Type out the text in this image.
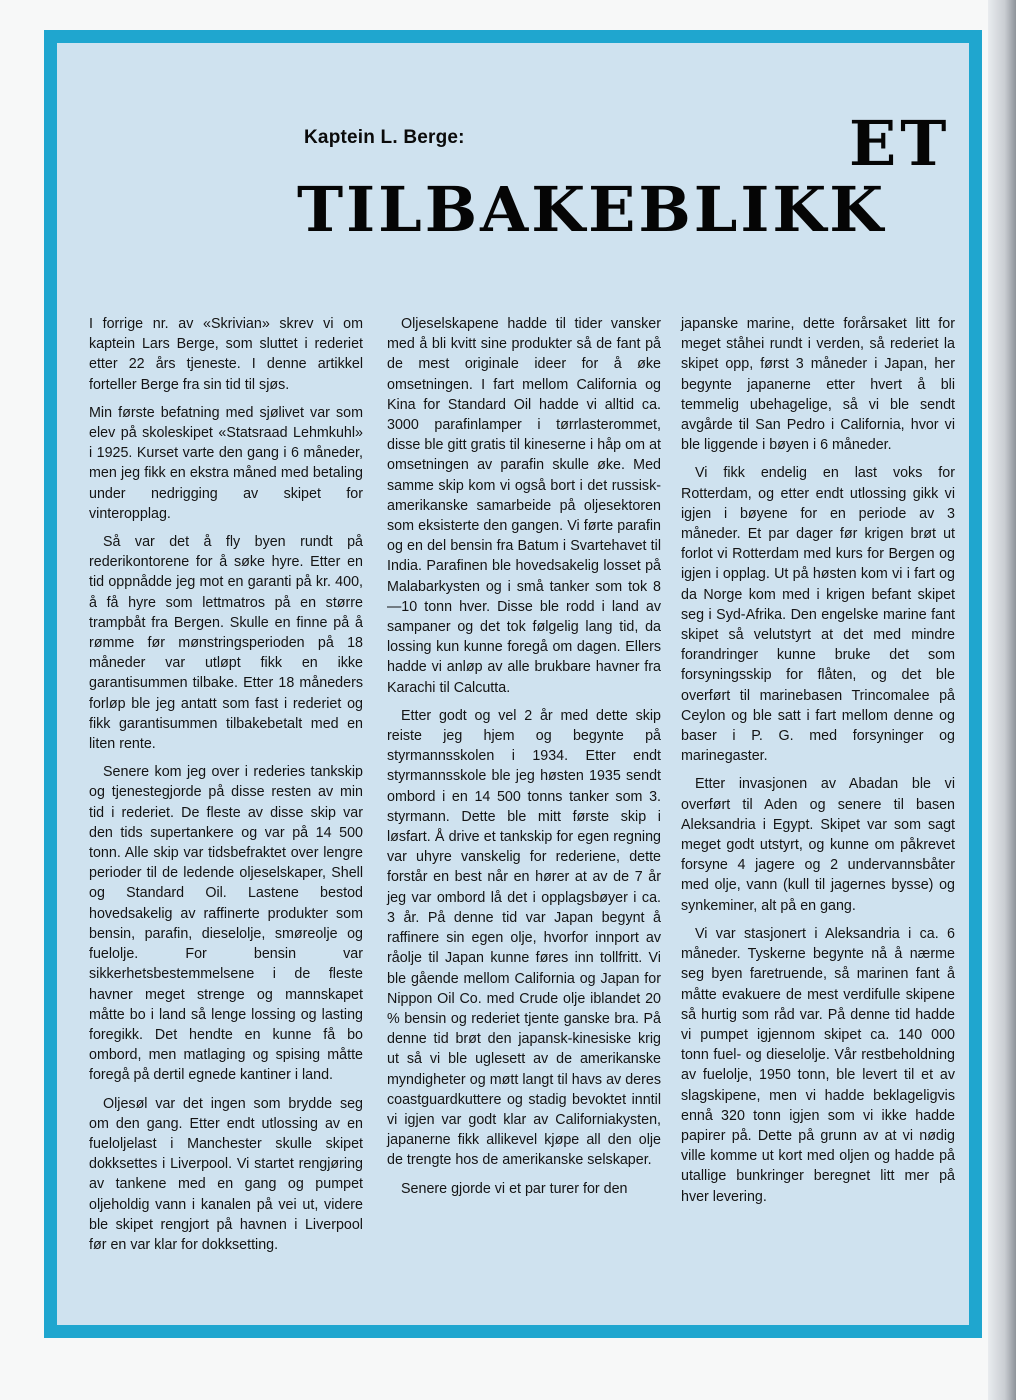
Kaptein L. Berge:	ET
TILBAKEBLIKK

I forrige nr. av «Skrivian» skrev vi om kaptein Lars Berge, som sluttet i rederiet etter 22 års tjeneste. I denne artikkel forteller Berge fra sin tid til sjøs.

Min første befatning med sjølivet var som elev på skoleskipet «Statsraad Lehmkuhl» i 1925. Kurset varte den gang i 6 måneder, men jeg fikk en ekstra måned med betaling under nedrigging av skipet for vinteropplag.

Så var det å fly byen rundt på rederikontorene for å søke hyre. Etter en tid oppnådde jeg mot en garanti på kr. 400, å få hyre som lettmatros på en større trampbåt fra Bergen. Skulle en finne på å rømme før mønstringsperioden på 18 måneder var utløpt fikk en ikke garantisummen tilbake. Etter 18 måneders forløp ble jeg antatt som fast i rederiet og fikk garantisummen tilbakebetalt med en liten rente.

Senere kom jeg over i rederies tankskip og tjenestegjorde på disse resten av min tid i rederiet. De fleste av disse skip var den tids supertankere og var på 14 500 tonn. Alle skip var tidsbefraktet over lengre perioder til de ledende oljeselskaper, Shell og Standard Oil. Lastene bestod hovedsakelig av raffinerte produkter som bensin, parafin, dieselolje, smøreolje og fuelolje. For bensin var sikkerhetsbestemmelsene i de fleste havner meget strenge og mannskapet måtte bo i land så lenge lossing og lasting foregikk. Det hendte en kunne få bo ombord, men matlaging og spising måtte foregå på dertil egnede kantiner i land.

Oljesøl var det ingen som brydde seg om den gang. Etter endt utlossing av en fueloljelast i Manchester skulle skipet dokksettes i Liverpool. Vi startet rengjøring av tankene med en gang og pumpet oljeholdig vann i kanalen på vei ut, videre ble skipet rengjort på havnen i Liverpool før en var klar for dokksetting.

Oljeselskapene hadde til tider vansker med å bli kvitt sine produkter så de fant på de mest originale ideer for å øke omsetningen. I fart mellom California og Kina for Standard Oil hadde vi alltid ca. 3000 parafinlamper i tørrlasterommet, disse ble gitt gratis til kineserne i håp om at omsetningen av parafin skulle øke. Med samme skip kom vi også bort i det russisk-amerikanske samarbeide på oljesektoren som eksisterte den gangen. Vi førte parafin og en del bensin fra Batum i Svartehavet til India. Parafinen ble hovedsakelig losset på Malabarkysten og i små tanker som tok 8—10 tonn hver. Disse ble rodd i land av sampaner og det tok følgelig lang tid, da lossing kun kunne foregå om dagen. Ellers hadde vi anløp av alle brukbare havner fra Karachi til Calcutta.

Etter godt og vel 2 år med dette skip reiste jeg hjem og begynte på styrmannsskolen i 1934. Etter endt styrmannsskole ble jeg høsten 1935 sendt ombord i en 14 500 tonns tanker som 3. styrmann. Dette ble mitt første skip i løsfart. Å drive et tankskip for egen regning var uhyre vanskelig for rederiene, dette forstår en best når en hører at av de 7 år jeg var ombord lå det i opplagsbøyer i ca. 3 år. På denne tid var Japan begynt å raffinere sin egen olje, hvorfor innport av råolje til Japan kunne føres inn tollfritt. Vi ble gående mellom California og Japan for Nippon Oil Co. med Crude olje iblandet 20 % bensin og rederiet tjente ganske bra. På denne tid brøt den japansk-kinesiske krig ut så vi ble uglesett av de amerikanske myndigheter og møtt langt til havs av deres coastguardkuttere og stadig bevoktet inntil vi igjen var godt klar av Californiakysten, japanerne fikk allikevel kjøpe all den olje de trengte hos de amerikanske selskaper.

Senere gjorde vi et par turer for den

japanske marine, dette forårsaket litt for meget ståhei rundt i verden, så rederiet la skipet opp, først 3 måneder i Japan, her begynte japanerne etter hvert å bli temmelig ubehagelige, så vi ble sendt avgårde til San Pedro i California, hvor vi ble liggende i bøyen i 6 måneder.

Vi fikk endelig en last voks for Rotterdam, og etter endt utlossing gikk vi igjen i bøyene for en periode av 3 måneder. Et par dager før krigen brøt ut forlot vi Rotterdam med kurs for Bergen og igjen i opplag. Ut på høsten kom vi i fart og da Norge kom med i krigen befant skipet seg i Syd-Afrika. Den engelske marine fant skipet så velutstyrt at det med mindre forandringer kunne bruke det som forsyningsskip for flåten, og det ble overført til marinebasen Trincomalee på Ceylon og ble satt i fart mellom denne og baser i P. G. med forsyninger og marinegaster.

Etter invasjonen av Abadan ble vi overført til Aden og senere til basen Aleksandria i Egypt. Skipet var som sagt meget godt utstyrt, og kunne om påkrevet forsyne 4 jagere og 2 undervannsbåter med olje, vann (kull til jagernes bysse) og synkeminer, alt på en gang.

Vi var stasjonert i Aleksandria i ca. 6 måneder. Tyskerne begynte nå å nærme seg byen faretruende, så marinen fant å måtte evakuere de mest verdifulle skipene så hurtig som råd var. På denne tid hadde vi pumpet igjennom skipet ca. 140 000 tonn fuel- og dieselolje. Vår restbeholdning av fuelolje, 1950 tonn, ble levert til et av slagskipene, men vi hadde beklageligvis ennå 320 tonn igjen som vi ikke hadde papirer på. Dette på grunn av at vi nødig ville komme ut kort med oljen og hadde på utallige bunkringer beregnet litt mer på hver levering.
